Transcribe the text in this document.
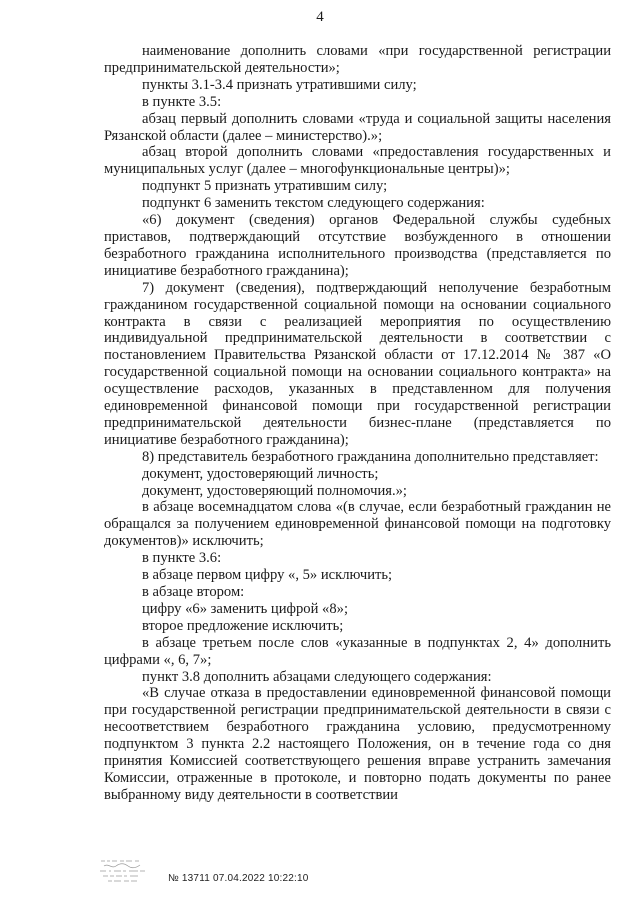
4

наименование дополнить словами «при государственной регистрации предпринимательской деятельности»;

пункты 3.1-3.4 признать утратившими силу;

в пункте 3.5:

абзац первый дополнить словами «труда и социальной защиты населения Рязанской области (далее – министерство).»;

абзац второй дополнить словами «предоставления государственных и муниципальных услуг (далее – многофункциональные центры)»;

подпункт 5 признать утратившим силу;

подпункт 6 заменить текстом следующего содержания:

«6) документ (сведения) органов Федеральной службы судебных приставов, подтверждающий отсутствие возбужденного в отношении безработного гражданина исполнительного производства (представляется по инициативе безработного гражданина);

7) документ (сведения), подтверждающий неполучение безработным гражданином государственной социальной помощи на основании социального контракта в связи с реализацией мероприятия по осуществлению индивидуальной предпринимательской деятельности в соответствии с постановлением Правительства Рязанской области от 17.12.2014 № 387 «О государственной социальной помощи на основании социального контракта» на осуществление расходов, указанных в представленном для получения единовременной финансовой помощи при государственной регистрации предпринимательской деятельности бизнес-плане (представляется по инициативе безработного гражданина);

8) представитель безработного гражданина дополнительно представляет:

документ, удостоверяющий личность;

документ, удостоверяющий полномочия.»;

в абзаце восемнадцатом слова «(в случае, если безработный гражданин не обращался за получением единовременной финансовой помощи на подготовку документов)» исключить;

в пункте 3.6:

в абзаце первом цифру «, 5» исключить;

в абзаце втором:

цифру «6» заменить цифрой «8»;

второе предложение исключить;

в абзаце третьем после слов «указанные в подпунктах 2, 4» дополнить цифрами «, 6, 7»;

пункт 3.8 дополнить абзацами следующего содержания:

«В случае отказа в предоставлении единовременной финансовой помощи при государственной регистрации предпринимательской деятельности в связи с несоответствием безработного гражданина условию, предусмотренному подпунктом 3 пункта 2.2 настоящего Положения, он в течение года со дня принятия Комиссией соответствующего решения вправе устранить замечания Комиссии, отраженные в протоколе, и повторно подать документы по ранее выбранному виду деятельности в соответствии

№ 13711 07.04.2022 10:22:10
